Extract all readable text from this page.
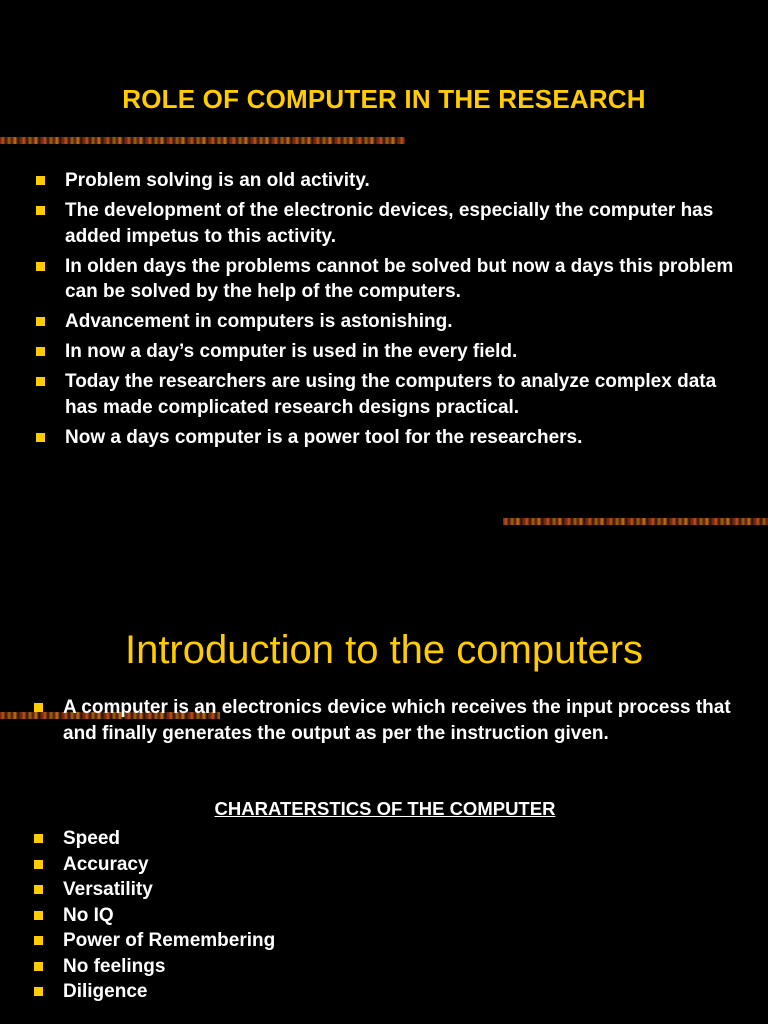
ROLE OF COMPUTER IN THE RESEARCH
Problem solving is an old activity.
The development of the electronic devices, especially the computer has added impetus to this activity.
In olden days the problems cannot be solved but now a days this problem can be solved by the help of the computers.
Advancement in computers is astonishing.
In now a day’s computer is used in the every field.
Today the researchers are using the computers to analyze complex data has made complicated research designs practical.
Now a days computer is a power tool for the researchers.
Introduction to the computers
A computer is an electronics device which receives the input process that and finally generates the output as per the instruction given.
CHARATERSTICS OF THE COMPUTER
Speed
Accuracy
Versatility
No IQ
Power of Remembering
No feelings
Diligence
